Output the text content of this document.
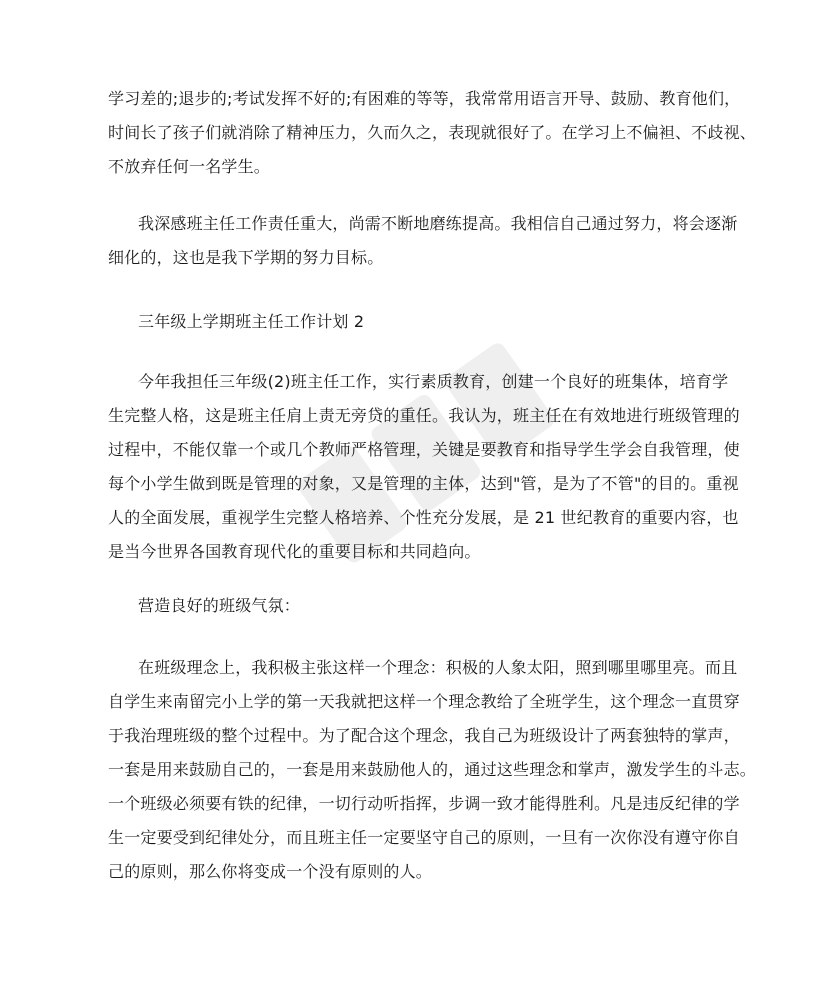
学习差的;退步的;考试发挥不好的;有困难的等等，我常常用语言开导、鼓励、教育他们，
时间长了孩子们就消除了精神压力，久而久之，表现就很好了。在学习上不偏袒、不歧视、
不放弃任何一名学生。
我深感班主任工作责任重大，尚需不断地磨练提高。我相信自己通过努力，将会逐渐
细化的，这也是我下学期的努力目标。
三年级上学期班主任工作计划 2
今年我担任三年级(2)班主任工作，实行素质教育，创建一个良好的班集体，培育学
生完整人格，这是班主任肩上责无旁贷的重任。我认为，班主任在有效地进行班级管理的
过程中，不能仅靠一个或几个教师严格管理，关键是要教育和指导学生学会自我管理，使
每个小学生做到既是管理的对象，又是管理的主体，达到"管，是为了不管"的目的。重视
人的全面发展，重视学生完整人格培养、个性充分发展，是 21 世纪教育的重要内容，也
是当今世界各国教育现代化的重要目标和共同趋向。
营造良好的班级气氛：
在班级理念上，我积极主张这样一个理念：积极的人象太阳，照到哪里哪里亮。而且
自学生来南留完小上学的第一天我就把这样一个理念教给了全班学生，这个理念一直贯穿
于我治理班级的整个过程中。为了配合这个理念，我自己为班级设计了两套独特的掌声，
一套是用来鼓励自己的，一套是用来鼓励他人的，通过这些理念和掌声，激发学生的斗志。
一个班级必须要有铁的纪律，一切行动听指挥，步调一致才能得胜利。凡是违反纪律的学
生一定要受到纪律处分，而且班主任一定要坚守自己的原则，一旦有一次你没有遵守你自
己的原则，那么你将变成一个没有原则的人。
